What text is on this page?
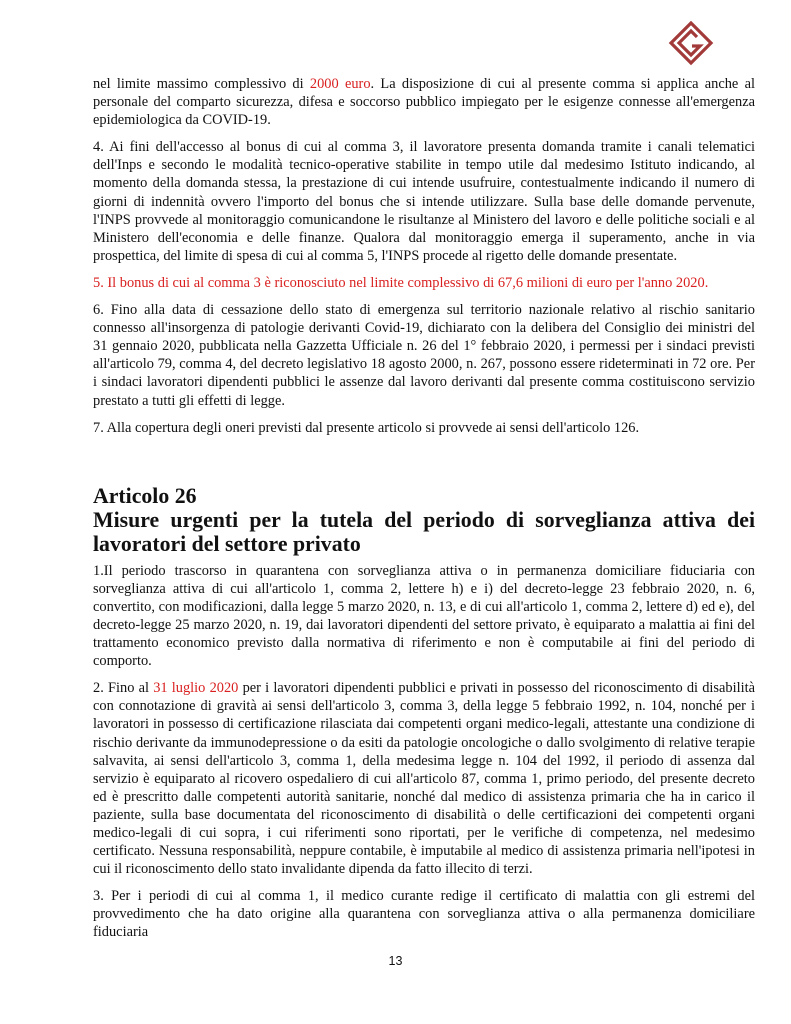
nel limite massimo complessivo di 2000 euro. La disposizione di cui al presente comma si applica anche al personale del comparto sicurezza, difesa e soccorso pubblico impiegato per le esigenze connesse all'emergenza epidemiologica da COVID-19.

4. Ai fini dell'accesso al bonus di cui al comma 3, il lavoratore presenta domanda tramite i canali telematici dell'Inps e secondo le modalità tecnico-operative stabilite in tempo utile dal medesimo Istituto indicando, al momento della domanda stessa, la prestazione di cui intende usufruire, contestualmente indicando il numero di giorni di indennità ovvero l'importo del bonus che si intende utilizzare. Sulla base delle domande pervenute, l'INPS provvede al monitoraggio comunicandone le risultanze al Ministero del lavoro e delle politiche sociali e al Ministero dell'economia e delle finanze. Qualora dal monitoraggio emerga il superamento, anche in via prospettica, del limite di spesa di cui al comma 5, l'INPS procede al rigetto delle domande presentate.

5. Il bonus di cui al comma 3 è riconosciuto nel limite complessivo di 67,6 milioni di euro per l'anno 2020.

6. Fino alla data di cessazione dello stato di emergenza sul territorio nazionale relativo al rischio sanitario connesso all'insorgenza di patologie derivanti Covid-19, dichiarato con la delibera del Consiglio dei ministri del 31 gennaio 2020, pubblicata nella Gazzetta Ufficiale n. 26 del 1° febbraio 2020, i permessi per i sindaci previsti all'articolo 79, comma 4, del decreto legislativo 18 agosto 2000, n. 267, possono essere rideterminati in 72 ore. Per i sindaci lavoratori dipendenti pubblici le assenze dal lavoro derivanti dal presente comma costituiscono servizio prestato a tutti gli effetti di legge.

7. Alla copertura degli oneri previsti dal presente articolo si provvede ai sensi dell'articolo 126.

Articolo 26
Misure urgenti per la tutela del periodo di sorveglianza attiva dei lavoratori del settore privato

1.Il periodo trascorso in quarantena con sorveglianza attiva o in permanenza domiciliare fiduciaria con sorveglianza attiva di cui all'articolo 1, comma 2, lettere h) e i) del decreto-legge 23 febbraio 2020, n. 6, convertito, con modificazioni, dalla legge 5 marzo 2020, n. 13, e di cui all'articolo 1, comma 2, lettere d) ed e), del decreto-legge 25 marzo 2020, n. 19, dai lavoratori dipendenti del settore privato, è equiparato a malattia ai fini del trattamento economico previsto dalla normativa di riferimento e non è computabile ai fini del periodo di comporto.

2. Fino al 31 luglio 2020 per i lavoratori dipendenti pubblici e privati in possesso del riconoscimento di disabilità con connotazione di gravità ai sensi dell'articolo 3, comma 3, della legge 5 febbraio 1992, n. 104, nonché per i lavoratori in possesso di certificazione rilasciata dai competenti organi medico-legali, attestante una condizione di rischio derivante da immunodepressione o da esiti da patologie oncologiche o dallo svolgimento di relative terapie salvavita, ai sensi dell'articolo 3, comma 1, della medesima legge n. 104 del 1992, il periodo di assenza dal servizio è equiparato al ricovero ospedaliero di cui all'articolo 87, comma 1, primo periodo, del presente decreto ed è prescritto dalle competenti autorità sanitarie, nonché dal medico di assistenza primaria che ha in carico il paziente, sulla base documentata del riconoscimento di disabilità o delle certificazioni dei competenti organi medico-legali di cui sopra, i cui riferimenti sono riportati, per le verifiche di competenza, nel medesimo certificato. Nessuna responsabilità, neppure contabile, è imputabile al medico di assistenza primaria nell'ipotesi in cui il riconoscimento dello stato invalidante dipenda da fatto illecito di terzi.

3. Per i periodi di cui al comma 1, il medico curante redige il certificato di malattia con gli estremi del provvedimento che ha dato origine alla quarantena con sorveglianza attiva o alla permanenza domiciliare fiduciaria

13
